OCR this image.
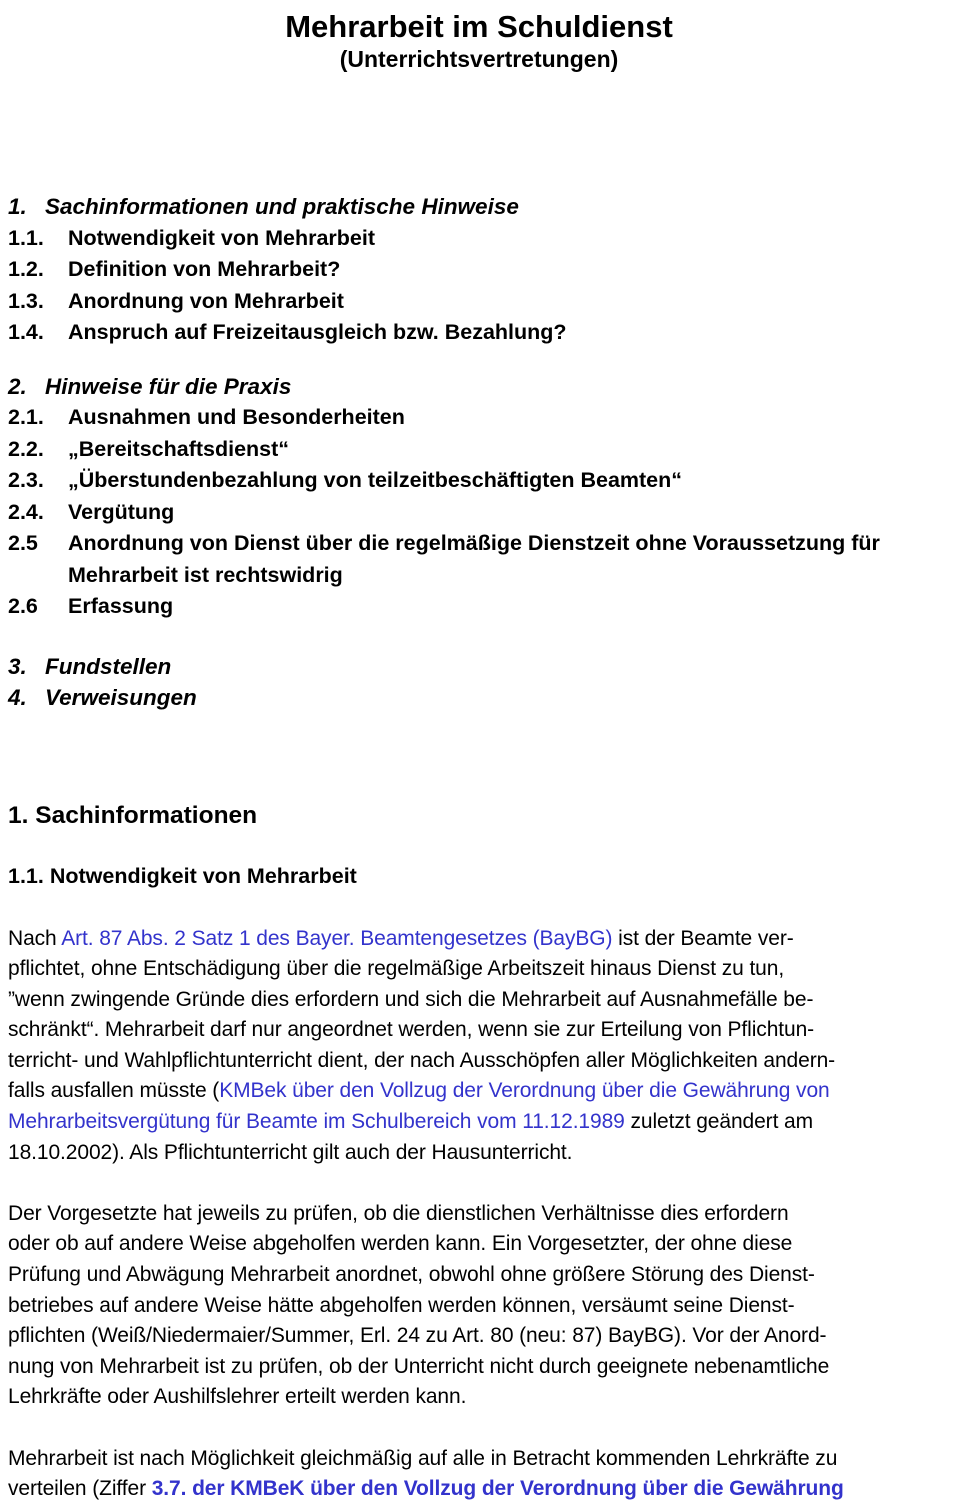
Mehrarbeit im Schuldienst
(Unterrichtsvertretungen)
1. Sachinformationen und praktische Hinweise
1.1.	Notwendigkeit von Mehrarbeit
1.2.	Definition von Mehrarbeit?
1.3.	Anordnung von Mehrarbeit
1.4.	Anspruch auf Freizeitausgleich bzw. Bezahlung?
2. Hinweise für die Praxis
2.1.	Ausnahmen und Besonderheiten
2.2.	„Bereitschaftsdienst“
2.3.	„Überstundenbezahlung von teilzeitbeschäftigten Beamten“
2.4.	Vergütung
2.5	Anordnung von Dienst über die regelmäßige Dienstzeit ohne Voraussetzung für Mehrarbeit ist rechtswidrig
2.6	Erfassung
3. Fundstellen
4. Verweisungen
1. Sachinformationen
1.1. Notwendigkeit von Mehrarbeit
Nach Art. 87 Abs. 2 Satz 1 des Bayer. Beamtengesetzes (BayBG) ist der Beamte ver-
pflichtet, ohne Entschädigung über die regelmäßige Arbeitszeit hinaus Dienst zu tun,
”wenn zwingende Gründe dies erfordern und sich die Mehrarbeit auf Ausnahmefälle be-
schränkt“. Mehrarbeit darf nur angeordnet werden, wenn sie zur Erteilung von Pflichtun-
terricht- und Wahlpflichtunterricht dient, der nach Ausschöpfen aller Möglichkeiten andern-
falls ausfallen müsste (KMBek über den Vollzug der Verordnung über die Gewährung von
Mehrarbeitsvergütung für Beamte im Schulbereich vom 11.12.1989 zuletzt geändert am
18.10.2002). Als Pflichtunterricht gilt auch der Hausunterricht.
Der Vorgesetzte hat jeweils zu prüfen, ob die dienstlichen Verhältnisse dies erfordern
oder ob auf andere Weise abgeholfen werden kann. Ein Vorgesetzter, der ohne diese
Prüfung und Abwägung Mehrarbeit anordnet, obwohl ohne größere Störung des Dienst-
betriebes auf andere Weise hätte abgeholfen werden können, versäumt seine Dienst-
pflichten (Weiß/Niedermaier/Summer, Erl. 24 zu Art. 80 (neu: 87) BayBG). Vor der Anord-
nung von Mehrarbeit ist zu prüfen, ob der Unterricht nicht durch geeignete nebenamtliche
Lehrkräfte oder Aushilfslehrer erteilt werden kann.
Mehrarbeit ist nach Möglichkeit gleichmäßig auf alle in Betracht kommenden Lehrkräfte zu
verteilen (Ziffer 3.7. der KMBeK über den Vollzug der Verordnung über die Gewährung
